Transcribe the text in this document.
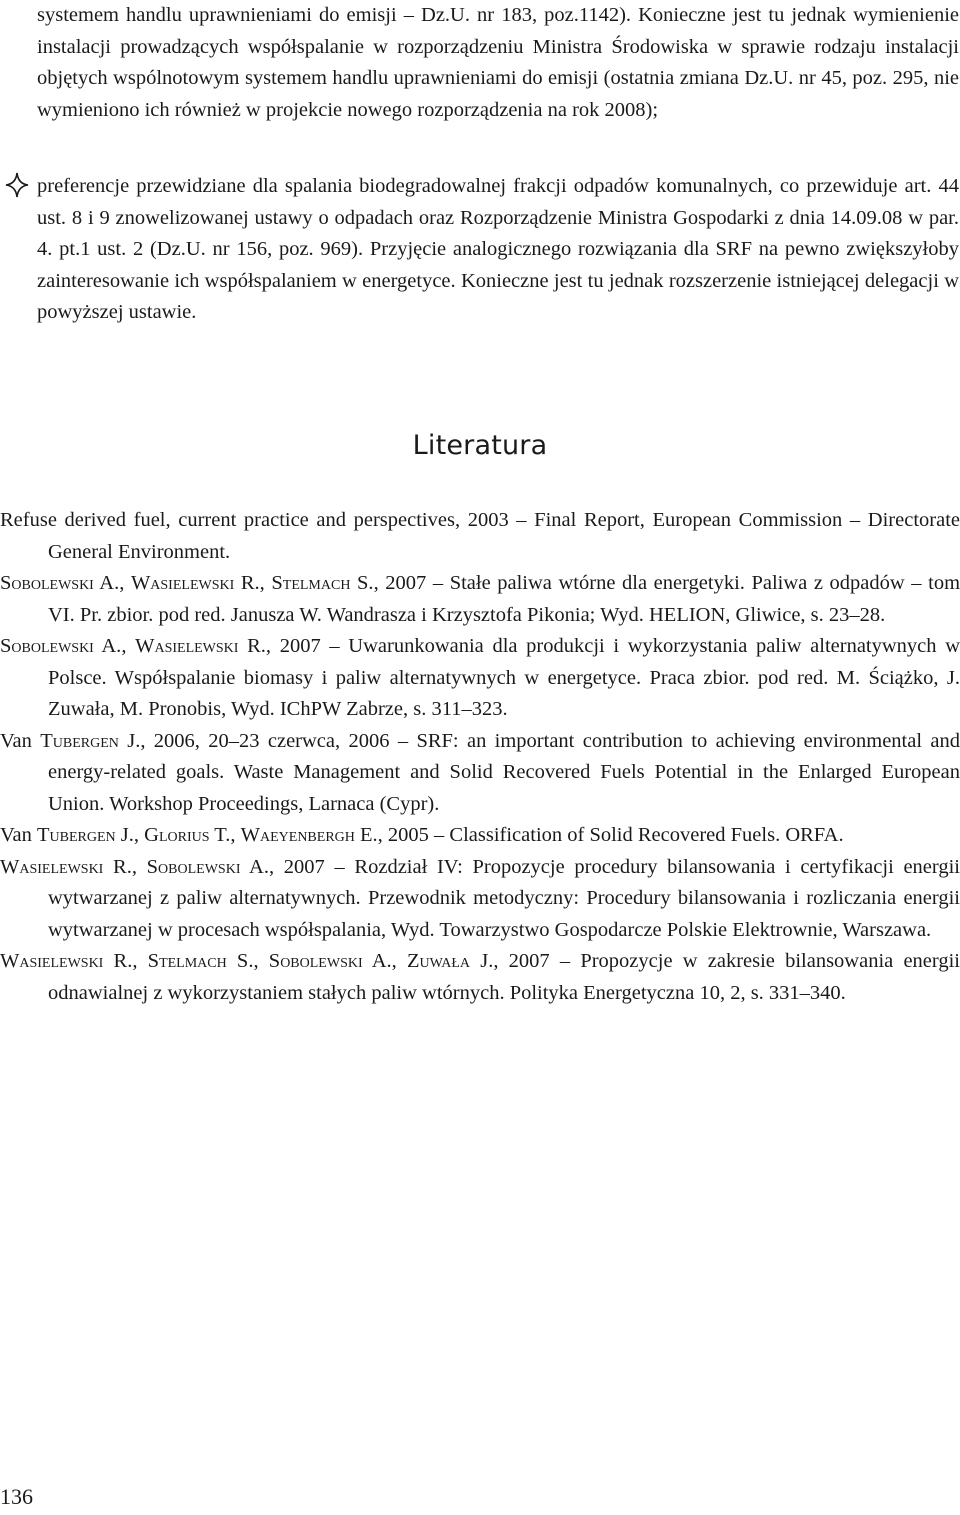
systemem handlu uprawnieniami do emisji – Dz.U. nr 183, poz.1142). Konieczne jest tu jednak wymienienie instalacji prowadzących współspalanie w rozporządzeniu Ministra Środowiska w sprawie rodzaju instalacji objętych wspólnotowym systemem handlu uprawnieniami do emisji (ostatnia zmiana Dz.U. nr 45, poz. 295, nie wymieniono ich również w projekcie nowego rozporządzenia na rok 2008);
preferencje przewidziane dla spalania biodegradowalnej frakcji odpadów komunalnych, co przewiduje art. 44 ust. 8 i 9 znowelizowanej ustawy o odpadach oraz Rozporządzenie Ministra Gospodarki z dnia 14.09.08 w par. 4. pt.1 ust. 2 (Dz.U. nr 156, poz. 969). Przyjęcie analogicznego rozwiązania dla SRF na pewno zwiększyłoby zainteresowanie ich współspalaniem w energetyce. Konieczne jest tu jednak rozszerzenie istniejącej delegacji w powyższej ustawie.
Literatura

Refuse derived fuel, current practice and perspectives, 2003 – Final Report, European Commission – Directorate General Environment.

Sobolewski A., Wasielewski R., Stelmach S., 2007 – Stałe paliwa wtórne dla energetyki. Paliwa z odpadów – tom VI. Pr. zbior. pod red. Janusza W. Wandrasza i Krzysztofa Pikonia; Wyd. HELION, Gliwice, s. 23–28.

Sobolewski A., Wasielewski R., 2007 – Uwarunkowania dla produkcji i wykorzystania paliw alternatywnych w Polsce. Współspalanie biomasy i paliw alternatywnych w energetyce. Praca zbior. pod red. M. Ściążko, J. Zuwała, M. Pronobis, Wyd. IChPW Zabrze, s. 311–323.

Van Tubergen J., 2006, 20–23 czerwca, 2006 – SRF: an important contribution to achieving environmental and energy-related goals. Waste Management and Solid Recovered Fuels Potential in the Enlarged European Union. Workshop Proceedings, Larnaca (Cypr).

Van Tubergen J., Glorius T., Waeyenbergh E., 2005 – Classification of Solid Recovered Fuels. ORFA.

Wasielewski R., Sobolewski A., 2007 – Rozdział IV: Propozycje procedury bilansowania i certyfikacji energii wytwarzanej z paliw alternatywnych. Przewodnik metodyczny: Procedury bilansowania i rozliczania energii wytwarzanej w procesach współspalania, Wyd. Towarzystwo Gospodarcze Polskie Elektrownie, Warszawa.

Wasielewski R., Stelmach S., Sobolewski A., Zuwała J., 2007 – Propozycje w zakresie bilansowania energii odnawialnej z wykorzystaniem stałych paliw wtórnych. Polityka Energetyczna 10, 2, s. 331–340.

136
